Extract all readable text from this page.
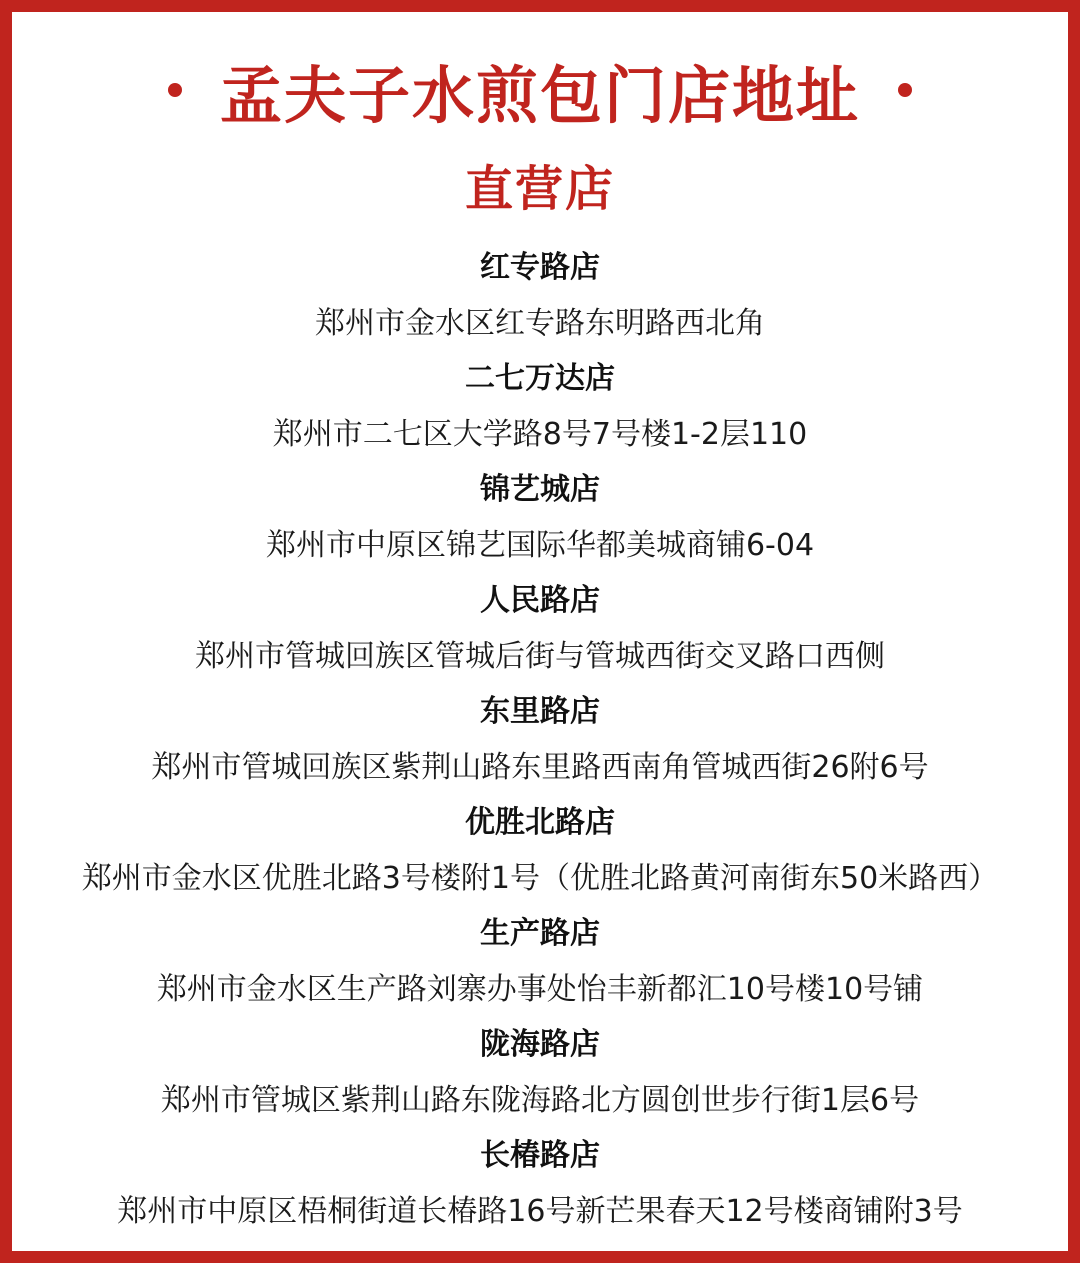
孟夫子水煎包门店地址
直营店
红专路店
郑州市金水区红专路东明路西北角
二七万达店
郑州市二七区大学路8号7号楼1-2层110
锦艺城店
郑州市中原区锦艺国际华都美城商铺6-04
人民路店
郑州市管城回族区管城后街与管城西街交叉路口西侧
东里路店
郑州市管城回族区紫荆山路东里路西南角管城西街26附6号
优胜北路店
郑州市金水区优胜北路3号楼附1号（优胜北路黄河南街东50米路西）
生产路店
郑州市金水区生产路刘寨办事处怡丰新都汇10号楼10号铺
陇海路店
郑州市管城区紫荆山路东陇海路北方圆创世步行街1层6号
长椿路店
郑州市中原区梧桐街道长椿路16号新芒果春天12号楼商铺附3号
